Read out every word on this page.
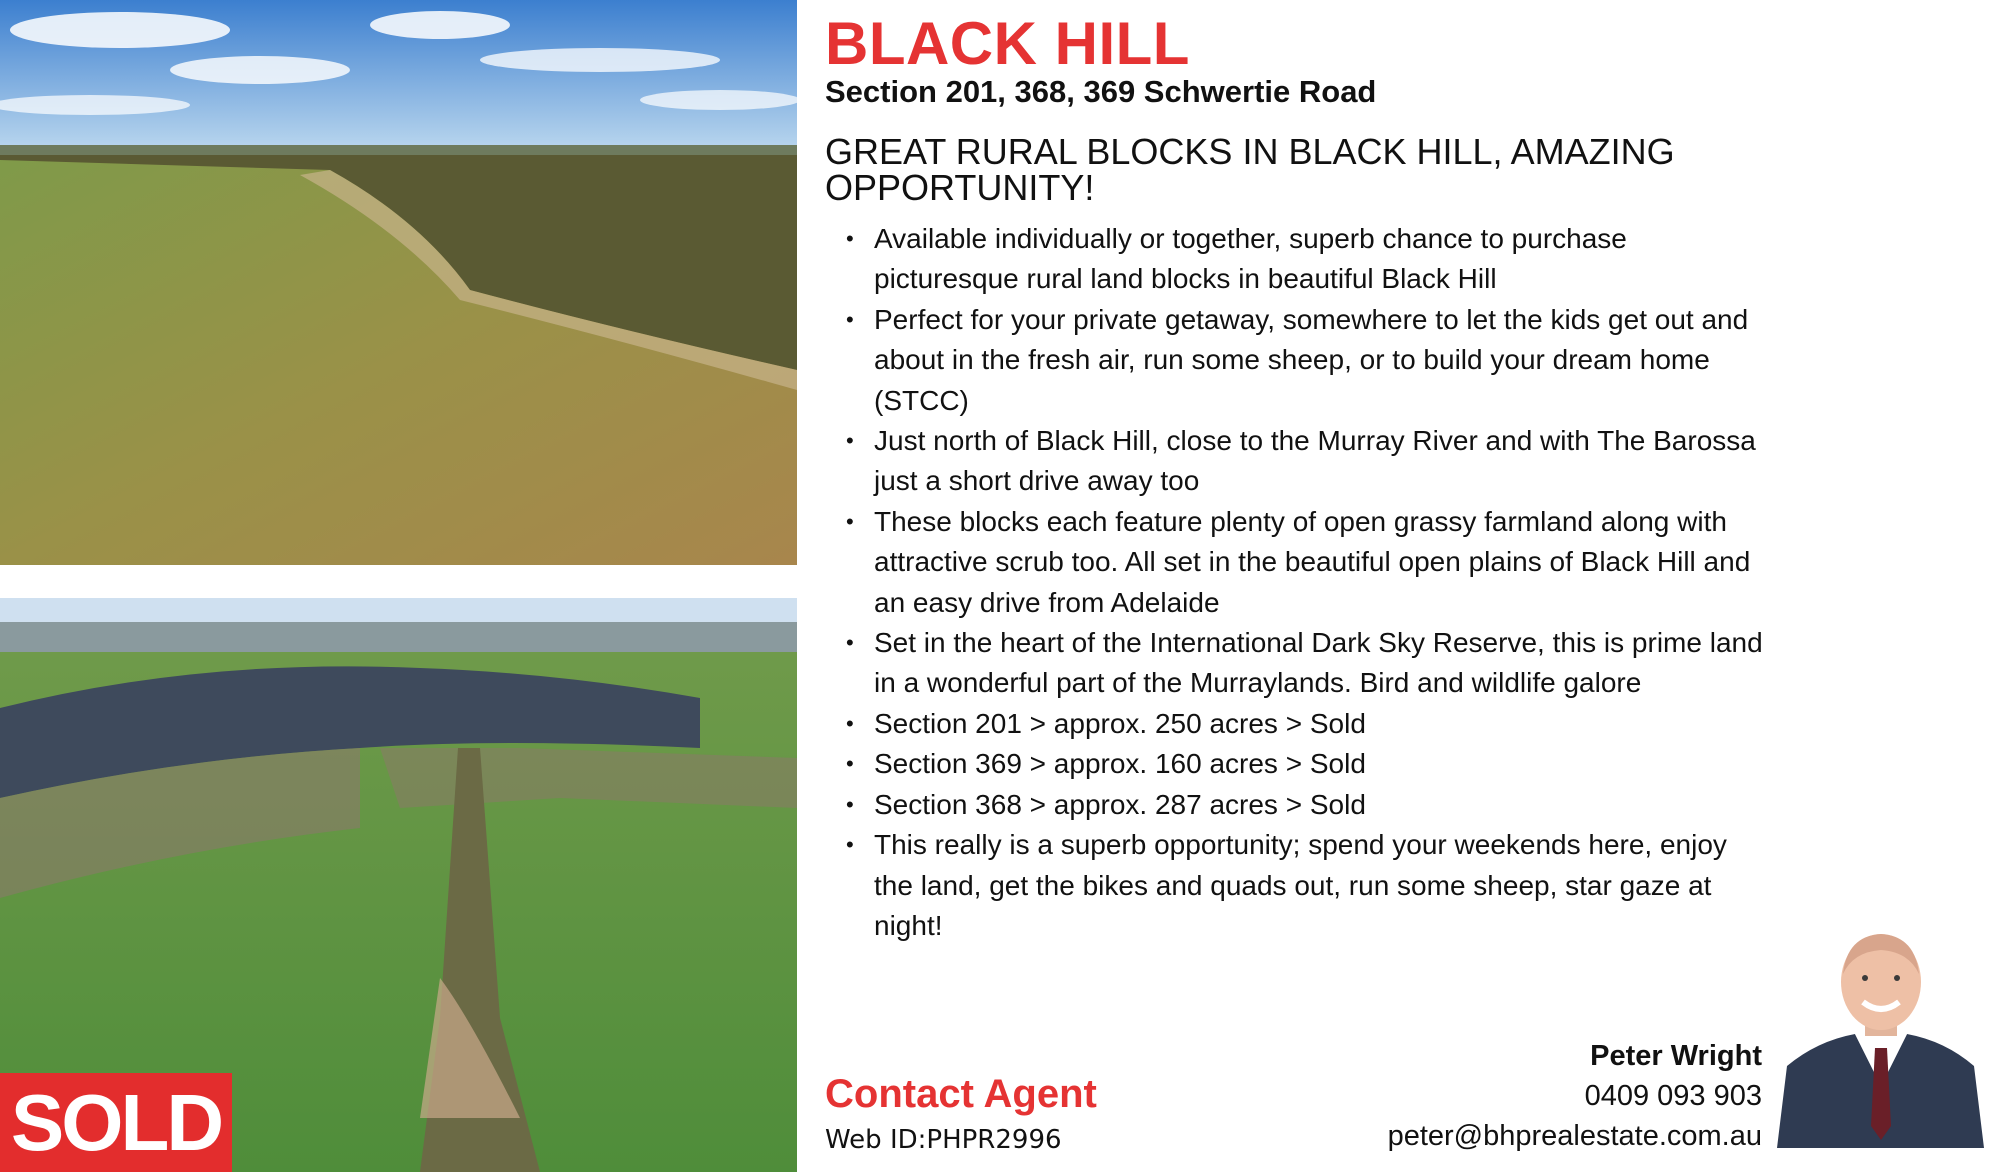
SOLD
BLACK HILL
Section 201, 368, 369 Schwertie Road
GREAT RURAL BLOCKS IN BLACK HILL, AMAZING OPPORTUNITY!
• Available individually or together, superb chance to purchase picturesque rural land blocks in beautiful Black Hill
• Perfect for your private getaway, somewhere to let the kids get out and about in the fresh air, run some sheep, or to build your dream home (STCC)
• Just north of Black Hill, close to the Murray River and with The Barossa just a short drive away too
• These blocks each feature plenty of open grassy farmland along with attractive scrub too. All set in the beautiful open plains of Black Hill and an easy drive from Adelaide
• Set in the heart of the International Dark Sky Reserve, this is prime land in a wonderful part of the Murraylands. Bird and wildlife galore
• Section 201 > approx. 250 acres > Sold
• Section 369 > approx. 160 acres > Sold
• Section 368 > approx. 287 acres > Sold
• This really is a superb opportunity; spend your weekends here, enjoy the land, get the bikes and quads out, run some sheep, star gaze at night!
Contact Agent
Web ID:PHPR2996
Peter Wright
0409 093 903
peter@bhprealestate.com.au
